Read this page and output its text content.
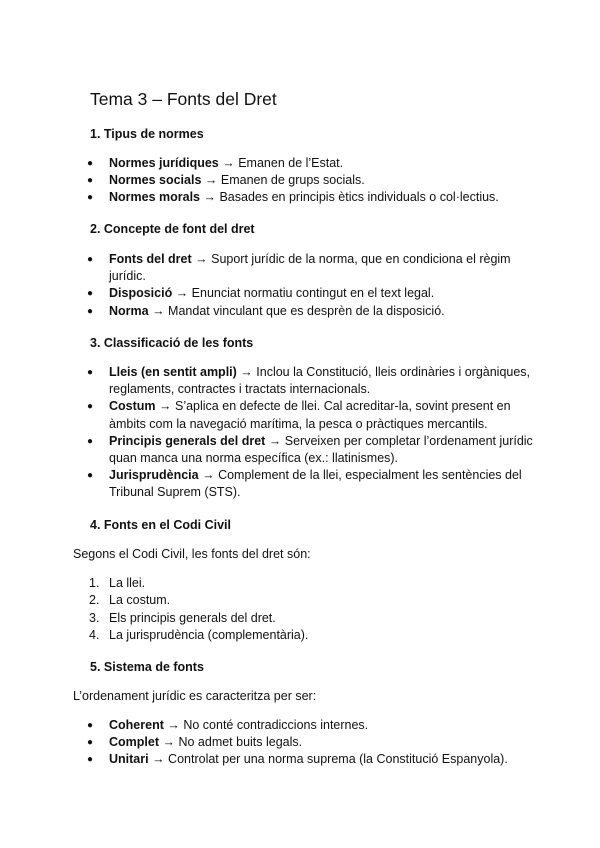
Tema 3 – Fonts del Dret

1. Tipus de normes

● Normes jurídiques → Emanen de l’Estat.
● Normes socials → Emanen de grups socials.
● Normes morals → Basades en principis ètics individuals o col·lectius.

2. Concepte de font del dret

● Fonts del dret → Suport jurídic de la norma, que en condiciona el règim jurídic.
● Disposició → Enunciat normatiu contingut en el text legal.
● Norma → Mandat vinculant que es desprèn de la disposició.

3. Classificació de les fonts

● Lleis (en sentit ampli) → Inclou la Constitució, lleis ordinàries i orgàniques, reglaments, contractes i tractats internacionals.
● Costum → S’aplica en defecte de llei. Cal acreditar-la, sovint present en àmbits com la navegació marítima, la pesca o pràctiques mercantils.
● Principis generals del dret → Serveixen per completar l’ordenament jurídic quan manca una norma específica (ex.: llatinismes).
● Jurisprudència → Complement de la llei, especialment les sentències del Tribunal Suprem (STS).

4. Fonts en el Codi Civil

Segons el Codi Civil, les fonts del dret són:

1. La llei.
2. La costum.
3. Els principis generals del dret.
4. La jurisprudència (complementària).

5. Sistema de fonts

L’ordenament jurídic es caracteritza per ser:

● Coherent → No conté contradiccions internes.
● Complet → No admet buits legals.
● Unitari → Controlat per una norma suprema (la Constitució Espanyola).
